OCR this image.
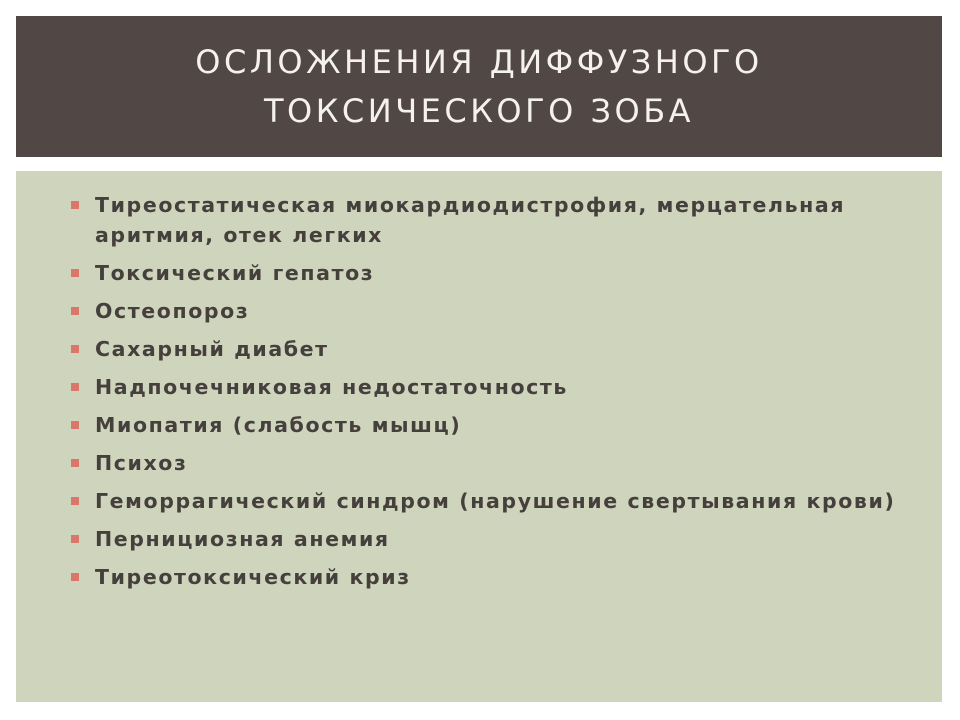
ОСЛОЖНЕНИЯ ДИФФУЗНОГО ТОКСИЧЕСКОГО ЗОБА
Тиреостатическая миокардиодистрофия, мерцательная аритмия, отек легких
Токсический гепатоз
Остеопороз
Сахарный диабет
Надпочечниковая недостаточность
Миопатия (слабость мышц)
Психоз
Геморрагический синдром (нарушение свертывания крови)
Пернициозная анемия
Тиреотоксический криз
